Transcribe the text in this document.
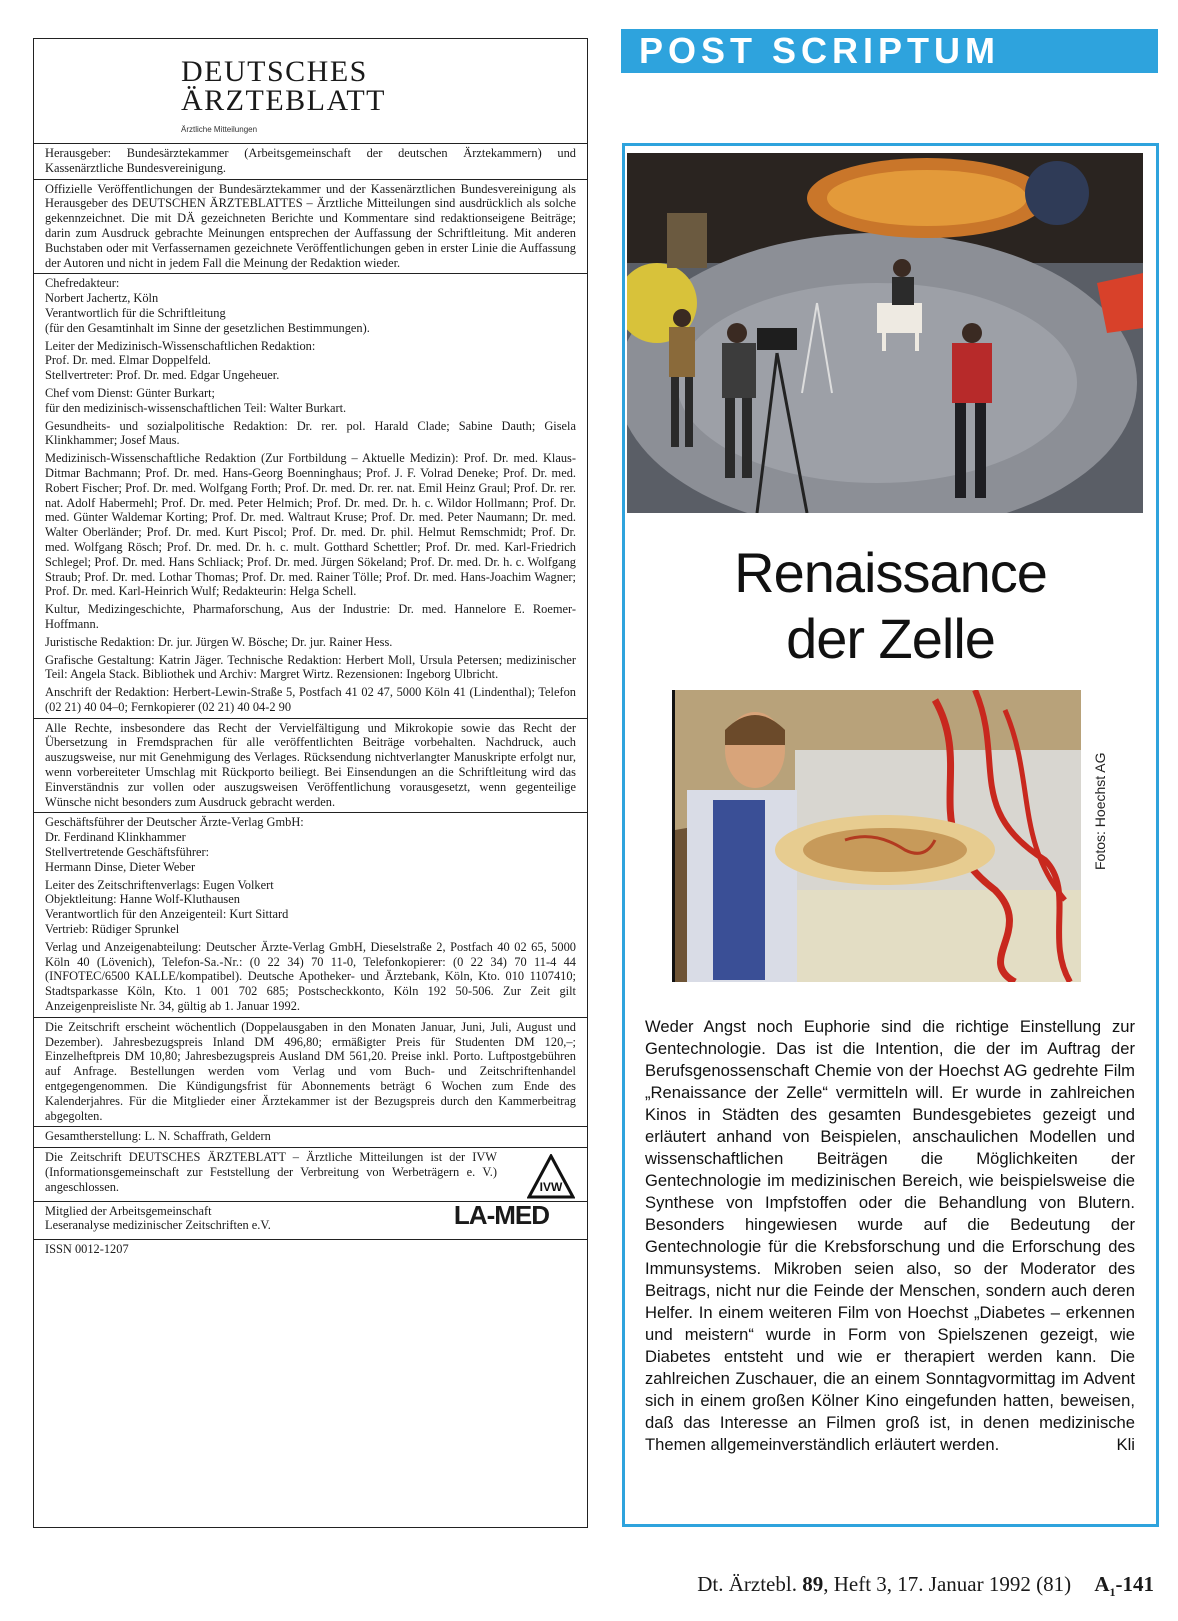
DEUTSCHES
ÄRZTEBLATT
Ärztliche Mitteilungen

Herausgeber: Bundesärztekammer (Arbeitsgemeinschaft der deutschen Ärztekammern) und Kassenärztliche Bundesvereinigung.

Offizielle Veröffentlichungen der Bundesärztekammer und der Kassenärztlichen Bundesvereinigung als Herausgeber des DEUTSCHEN ÄRZTEBLATTES – Ärztliche Mitteilungen sind ausdrücklich als solche gekennzeichnet. Die mit DÄ gezeichneten Berichte und Kommentare sind redaktionseigene Beiträge; darin zum Ausdruck gebrachte Meinungen entsprechen der Auffassung der Schriftleitung. Mit anderen Buchstaben oder mit Verfassernamen gezeichnete Veröffentlichungen geben in erster Linie die Auffassung der Autoren und nicht in jedem Fall die Meinung der Redaktion wieder.

Chefredakteur:
Norbert Jachertz, Köln
Verantwortlich für die Schriftleitung
(für den Gesamtinhalt im Sinne der gesetzlichen Bestimmungen).

Leiter der Medizinisch-Wissenschaftlichen Redaktion:
Prof. Dr. med. Elmar Doppelfeld.
Stellvertreter: Prof. Dr. med. Edgar Ungeheuer.

Chef vom Dienst: Günter Burkart;
für den medizinisch-wissenschaftlichen Teil: Walter Burkart.

Gesundheits- und sozialpolitische Redaktion: Dr. rer. pol. Harald Clade; Sabine Dauth; Gisela Klinkhammer; Josef Maus.

Medizinisch-Wissenschaftliche Redaktion (Zur Fortbildung – Aktuelle Medizin): Prof. Dr. med. Klaus-Ditmar Bachmann; Prof. Dr. med. Hans-Georg Boenninghaus; Prof. J. F. Volrad Deneke; Prof. Dr. med. Robert Fischer; Prof. Dr. med. Wolfgang Forth; Prof. Dr. med. Dr. rer. nat. Emil Heinz Graul; Prof. Dr. rer. nat. Adolf Habermehl; Prof. Dr. med. Peter Helmich; Prof. Dr. med. Dr. h. c. Wildor Hollmann; Prof. Dr. med. Günter Waldemar Korting; Prof. Dr. med. Waltraut Kruse; Prof. Dr. med. Peter Naumann; Dr. med. Walter Oberländer; Prof. Dr. med. Kurt Piscol; Prof. Dr. med. Dr. phil. Helmut Remschmidt; Prof. Dr. med. Wolfgang Rösch; Prof. Dr. med. Dr. h. c. mult. Gotthard Schettler; Prof. Dr. med. Karl-Friedrich Schlegel; Prof. Dr. med. Hans Schliack; Prof. Dr. med. Jürgen Sökeland; Prof. Dr. med. Dr. h. c. Wolfgang Straub; Prof. Dr. med. Lothar Thomas; Prof. Dr. med. Rainer Tölle; Prof. Dr. med. Hans-Joachim Wagner; Prof. Dr. med. Karl-Heinrich Wulf; Redakteurin: Helga Schell.

Kultur, Medizingeschichte, Pharmaforschung, Aus der Industrie: Dr. med. Hannelore E. Roemer-Hoffmann.

Juristische Redaktion: Dr. jur. Jürgen W. Bösche; Dr. jur. Rainer Hess.

Grafische Gestaltung: Katrin Jäger. Technische Redaktion: Herbert Moll, Ursula Petersen; medizinischer Teil: Angela Stack. Bibliothek und Archiv: Margret Wirtz. Rezensionen: Ingeborg Ulbricht.

Anschrift der Redaktion: Herbert-Lewin-Straße 5, Postfach 41 02 47, 5000 Köln 41 (Lindenthal); Telefon (02 21) 40 04–0; Fernkopierer (02 21) 40 04-2 90

Alle Rechte, insbesondere das Recht der Vervielfältigung und Mikrokopie sowie das Recht der Übersetzung in Fremdsprachen für alle veröffentlichten Beiträge vorbehalten. Nachdruck, auch auszugsweise, nur mit Genehmigung des Verlages. Rücksendung nichtverlangter Manuskripte erfolgt nur, wenn vorbereiteter Umschlag mit Rückporto beiliegt. Bei Einsendungen an die Schriftleitung wird das Einverständnis zur vollen oder auszugsweisen Veröffentlichung vorausgesetzt, wenn gegenteilige Wünsche nicht besonders zum Ausdruck gebracht werden.

Geschäftsführer der Deutscher Ärzte-Verlag GmbH:
Dr. Ferdinand Klinkhammer
Stellvertretende Geschäftsführer:
Hermann Dinse, Dieter Weber

Leiter des Zeitschriftenverlags: Eugen Volkert
Objektleitung: Hanne Wolf-Kluthausen
Verantwortlich für den Anzeigenteil: Kurt Sittard
Vertrieb: Rüdiger Sprunkel

Verlag und Anzeigenabteilung: Deutscher Ärzte-Verlag GmbH, Dieselstraße 2, Postfach 40 02 65, 5000 Köln 40 (Lövenich), Telefon-Sa.-Nr.: (0 22 34) 70 11-0, Telefonkopierer: (0 22 34) 70 11-4 44 (INFOTEC/6500 KALLE/kompatibel). Deutsche Apotheker- und Ärztebank, Köln, Kto. 010 1107410; Stadtsparkasse Köln, Kto. 1 001 702 685; Postscheckkonto, Köln 192 50-506. Zur Zeit gilt Anzeigenpreisliste Nr. 34, gültig ab 1. Januar 1992.

Die Zeitschrift erscheint wöchentlich (Doppelausgaben in den Monaten Januar, Juni, Juli, August und Dezember). Jahresbezugspreis Inland DM 496,80; ermäßigter Preis für Studenten DM 120,–; Einzelheftpreis DM 10,80; Jahresbezugspreis Ausland DM 561,20. Preise inkl. Porto. Luftpostgebühren auf Anfrage. Bestellungen werden vom Verlag und vom Buch- und Zeitschriftenhandel entgegengenommen. Die Kündigungsfrist für Abonnements beträgt 6 Wochen zum Ende des Kalenderjahres. Für die Mitglieder einer Ärztekammer ist der Bezugspreis durch den Kammerbeitrag abgegolten.

Gesamtherstellung: L. N. Schaffrath, Geldern

Die Zeitschrift DEUTSCHES ÄRZTEBLATT – Ärztliche Mitteilungen ist der IVW (Informationsgemeinschaft zur Feststellung der Verbreitung von Werbeträgern e. V.) angeschlossen.	IVW

Mitglied der Arbeitsgemeinschaft
Leseranalyse medizinischer Zeitschriften e.V.	LA-MED

ISSN 0012-1207

POST SCRIPTUM
Renaissance
der Zelle
Fotos: Hoechst AG
Weder Angst noch Euphorie sind die richtige Einstellung zur Gentechnologie. Das ist die Intention, die der im Auftrag der Berufsgenossenschaft Chemie von der Hoechst AG gedrehte Film „Renaissance der Zelle“ vermitteln will. Er wurde in zahlreichen Kinos in Städten des gesamten Bundesgebietes gezeigt und erläutert anhand von Beispielen, anschaulichen Modellen und wissenschaftlichen Beiträgen die Möglichkeiten der Gentechnologie im medizinischen Bereich, wie beispielsweise die Synthese von Impfstoffen oder die Behandlung von Blutern. Besonders hingewiesen wurde auf die Bedeutung der Gentechnologie für die Krebsforschung und die Erforschung des Immunsystems. Mikroben seien also, so der Moderator des Beitrags, nicht nur die Feinde der Menschen, sondern auch deren Helfer. In einem weiteren Film von Hoechst „Diabetes – erkennen und meistern“ wurde in Form von Spielszenen gezeigt, wie Diabetes entsteht und wie er therapiert werden kann. Die zahlreichen Zuschauer, die an einem Sonntagvormittag im Advent sich in einem großen Kölner Kino eingefunden hatten, beweisen, daß das Interesse an Filmen groß ist, in denen medizinische Themen allgemeinverständlich erläutert werden.	Kli
Dt. Ärztebl. 89, Heft 3, 17. Januar 1992 (81) $A_1-141$
